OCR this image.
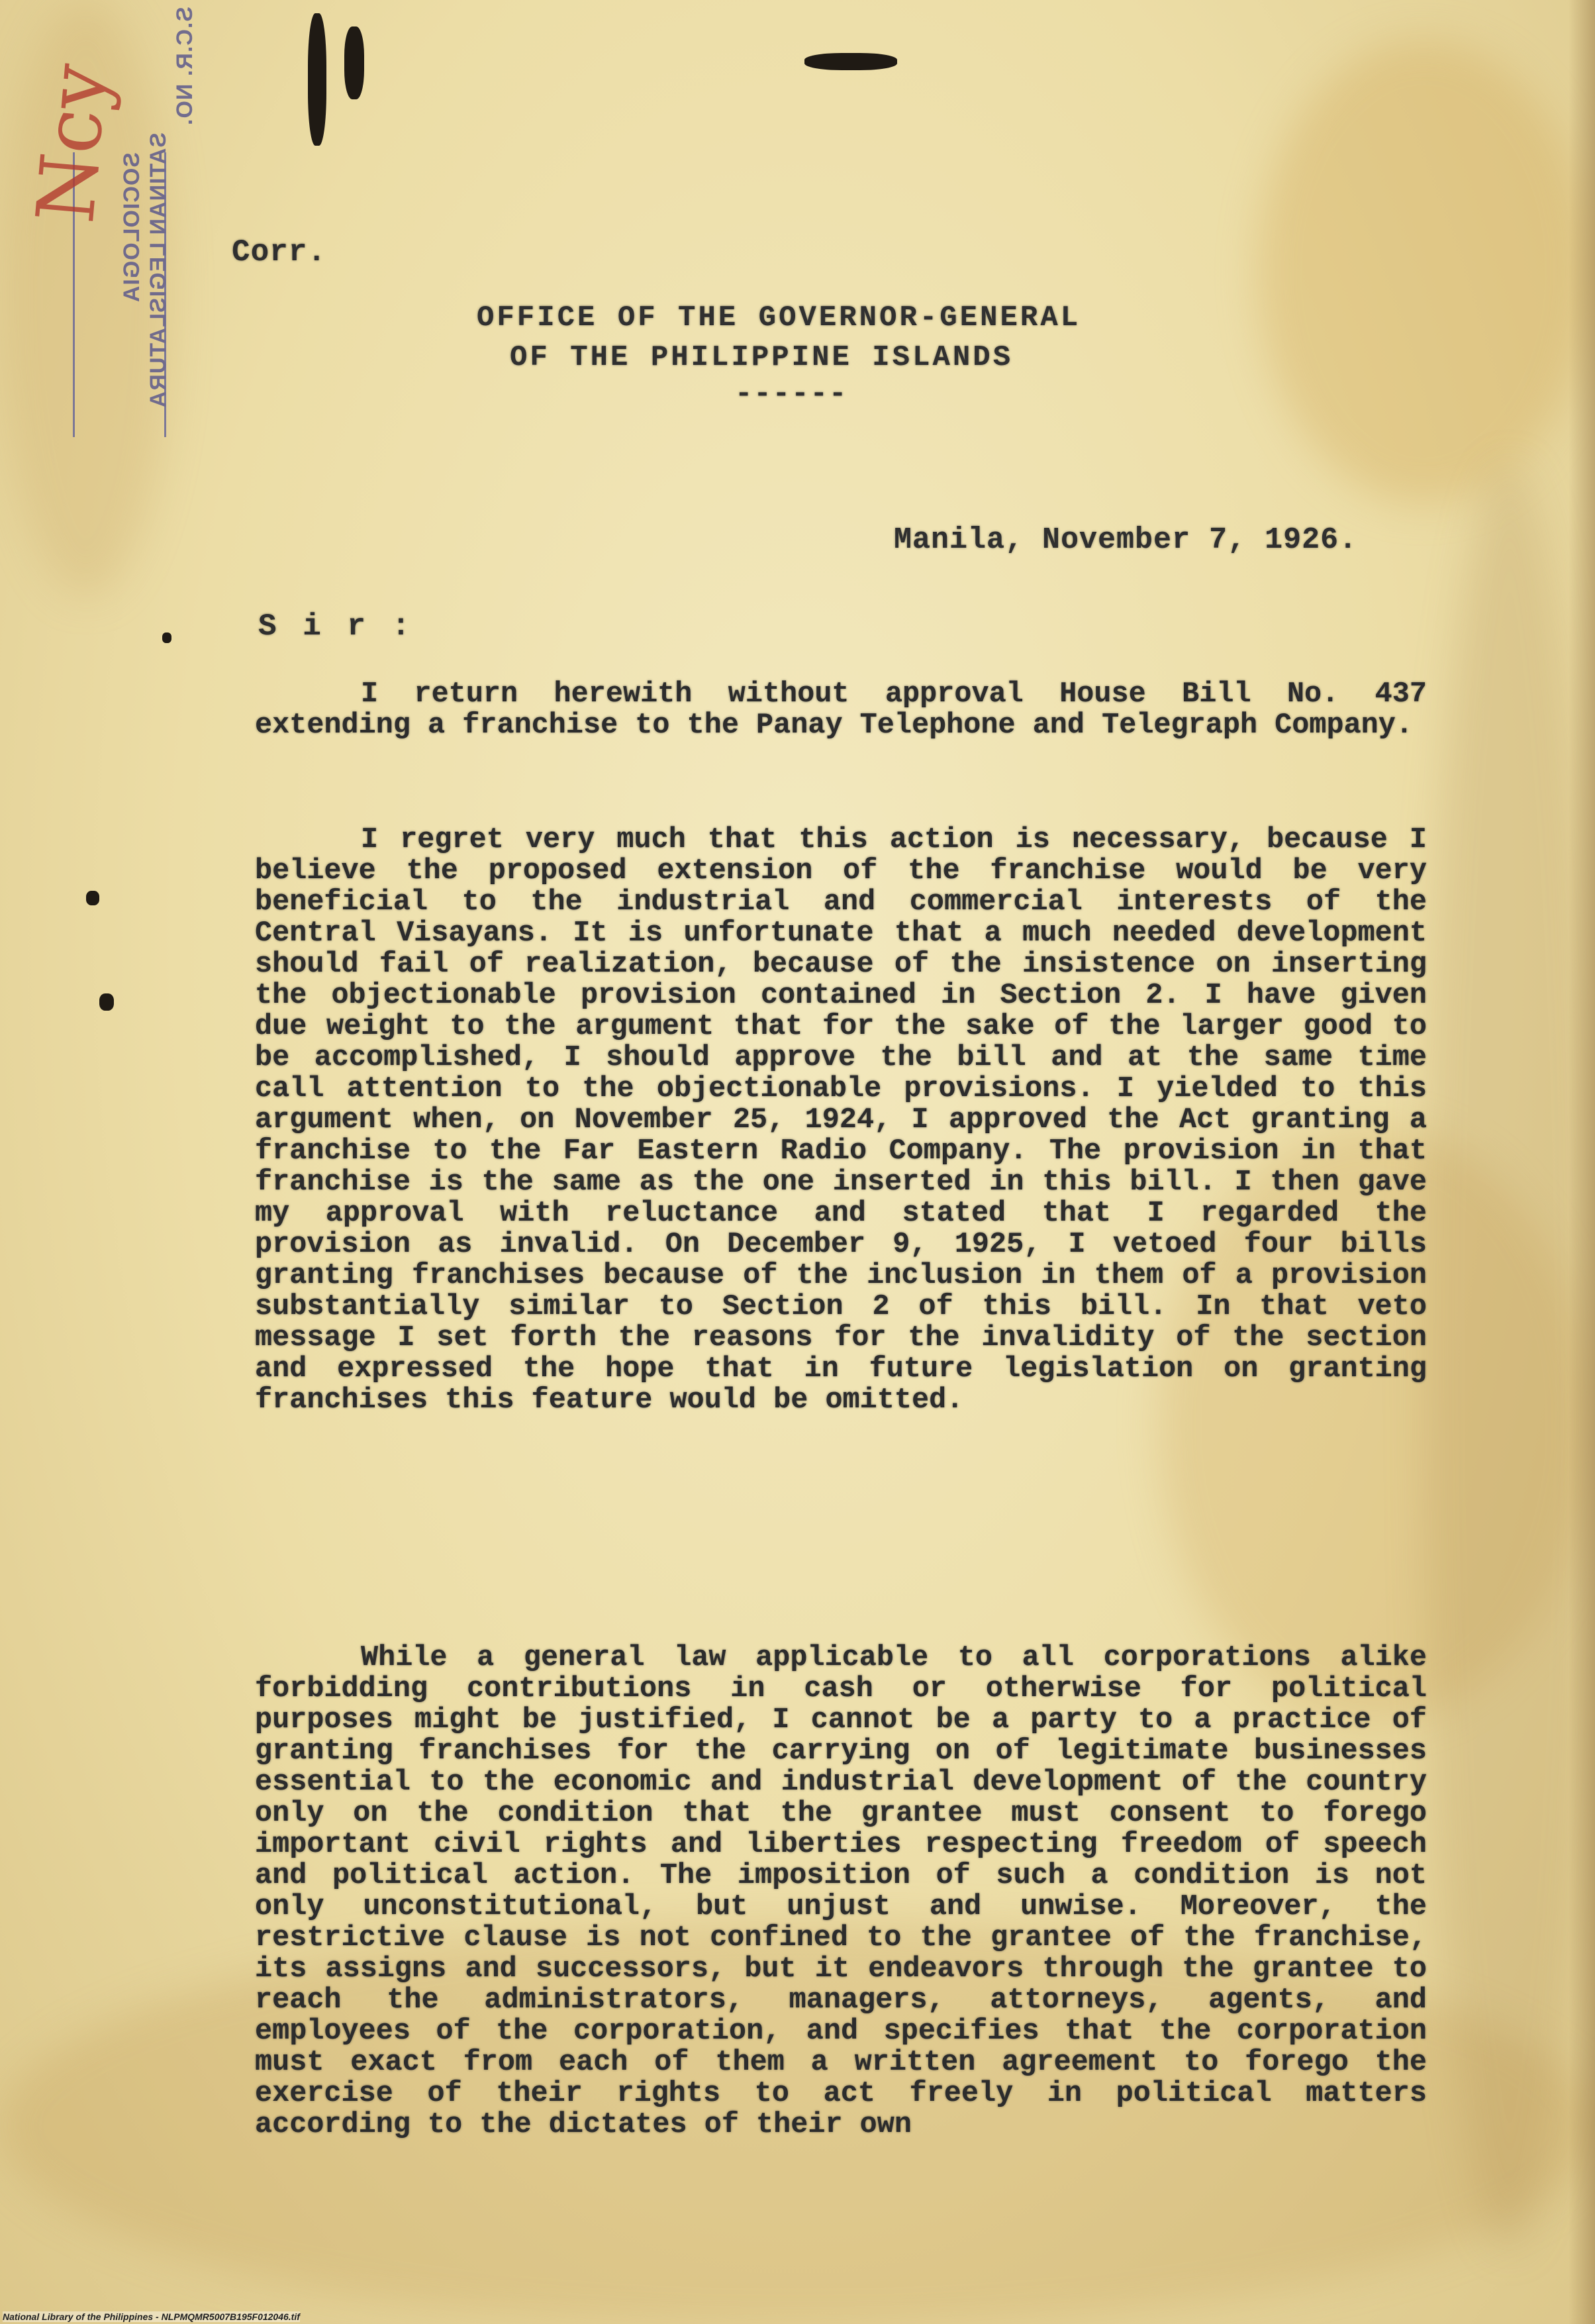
S.C.R. NO.
SATINAN LEGISLATURA
SOCIOLOGIA
Ncy
Corr.
OFFICE OF THE GOVERNOR-GENERAL
OF THE PHILIPPINE ISLANDS
------
Manila, November 7, 1926.
S i r :

I return herewith without approval House Bill No. 437 extending a franchise to the Panay Telephone and Telegraph Company.

I regret very much that this action is necessary, because I believe the proposed extension of the franchise would be very beneficial to the industrial and commercial interests of the Central Visayans. It is unfortunate that a much needed development should fail of realization, because of the insistence on inserting the objectionable provision contained in Section 2. I have given due weight to the argument that for the sake of the larger good to be accomplished, I should approve the bill and at the same time call attention to the objectionable provisions. I yielded to this argument when, on November 25, 1924, I approved the Act granting a franchise to the Far Eastern Radio Company. The provision in that franchise is the same as the one inserted in this bill. I then gave my approval with reluctance and stated that I regarded the provision as invalid. On December 9, 1925, I vetoed four bills granting franchises because of the inclusion in them of a provision substantially similar to Section 2 of this bill. In that veto message I set forth the reasons for the invalidity of the section and expressed the hope that in future legislation on granting franchises this feature would be omitted.

While a general law applicable to all corporations alike forbidding contributions in cash or otherwise for political purposes might be justified, I cannot be a party to a practice of granting franchises for the carrying on of legitimate businesses essential to the economic and industrial development of the country only on the condition that the grantee must consent to forego important civil rights and liberties respecting freedom of speech and political action. The imposition of such a condition is not only unconstitutional, but unjust and unwise. Moreover, the restrictive clause is not confined to the grantee of the franchise, its assigns and successors, but it endeavors through the grantee to reach the administrators, managers, attorneys, agents, and employees of the corporation, and specifies that the corporation must exact from each of them a written agreement to forego the exercise of their rights to act freely in political matters according to the dictates of their own

National Library of the Philippines - NLPMQMR5007B195F012046.tif
